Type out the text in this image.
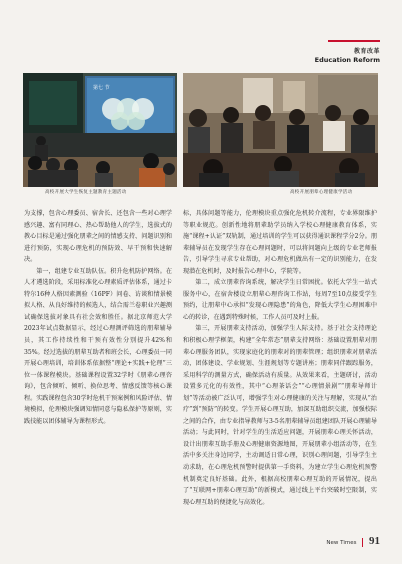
教育改革
Education Reform
第七 节
高校开展大学生恢复主题教育主题活动	高校开展朋辈心理健康学活动

为支撑，包含心理委员、宿舍长、还包含一些对心理学感兴趣、富有同理心、热心帮助他人的学生，选拔式的教心目标是通过强化朋辈之间的情感支持、问题识别和进行预防，实现心理危机的预防效、早干预和快速解决。

第一，组建专业互助队伍。积升危机防护网络。在人才遴选阶段，采用标准化心理素质评估体系，通过卡特尔16种人格因素测验（16PF）问卷、访谈和情景模拟人格、从良好维持的候选人，结合需兰卷职业兴趣测试确保选拔对象具有社会效和胜任。据北京师范大学2023年试点数据显示，经过心理测评筛选的朋辈辅导员，其工作持续性和干预有效性分别提升42%和35%。经过选拔的朋辈互助者和班会长，心理委员一同开展心理培训，培训体系依据整“理论+实践+伦理”三位一体课程模块。基础课程设置32学时《朋辈心理咨询》，包含倾听、倾听、换位思考、情感反馈等核心课程。实践课程包含30学时危机干预案例和风险评估、情境模拟，伦理模块强调知情同意与隐私保护等原则，实践技能以团体辅导为课程形式。

标，具体问题等能力，伦理模块重点强化危机转介流程，专业界限维护等职业规范。创新性地将朋辈助学员纳入学校心理健康教育体系，实施“课程+认证”双轨制，通过培训的学生可以获得通识课程学分2分。朋辈辅导员在发现学生存在心理问题时，可以将问题向上级的专业老师报告，引导学生寻求专业帮助，对心理危机做出有一定的识别能力，在发现潜在危机时，及时报告心理中心，学院等。

第二，成立朋辈咨询系统，解决学生日常困扰。依托大学生一站式服务中心，在宿舍楼设立朋辈心理咨询工作站，每周7至10点接受学生预约，让朋辈中心承担“发现心理隐患”的角色，降低大学生心理困难中心的转诊，在遇到特殊时候，工作人员可及时上报。

第三，开展朋辈支持活动，加强学生人际支持。基于社会支持理论和积极心理学框架，构建“全年常态”朋辈支持网络：基础设置朋辈对朋辈心理服务团队，实现家庭化的朋辈对的朋辈管理；组织朋辈对朋辈活动，团体建设、学业规划、生涯规划等专题讲座；朋辈同伴跟踪服务，采用科学的测量方式，确保活动有质量。从效果来看，主题研讨，活动设置多元化的有效性，其中“心理茶话会”“心理情景剧”“朋辈导师计划”等活动被广泛认可，增强学生对心理健康的关注与理解，实现从“治疗”到“预防”的转变。学生开展心理互助，加深互助组织交流，加强校际之间的合作，由专业指导教师与3-5名朋辈辅导员组建团队开展心理辅导活动；与此同时，针对学生的生活适应问题，开展朋辈心理关怀活动，设计出朋辈互助手册及心理健康资源地图，开展朋辈小组活动等，在生活中多关注身边同学，主动调适日常心理，识别心理问题，引导学生主动求助，在心理危机预警时提供第一手资料，为建立学生心理危机预警机制奠定良好基础。此外，根据高校朋辈心理互助的开展情况，提出了“互联网+朋辈心理互助”的新模式，通过线上平台突破时空限制，实现心理互助的便捷化与高效化。

New Times 91
